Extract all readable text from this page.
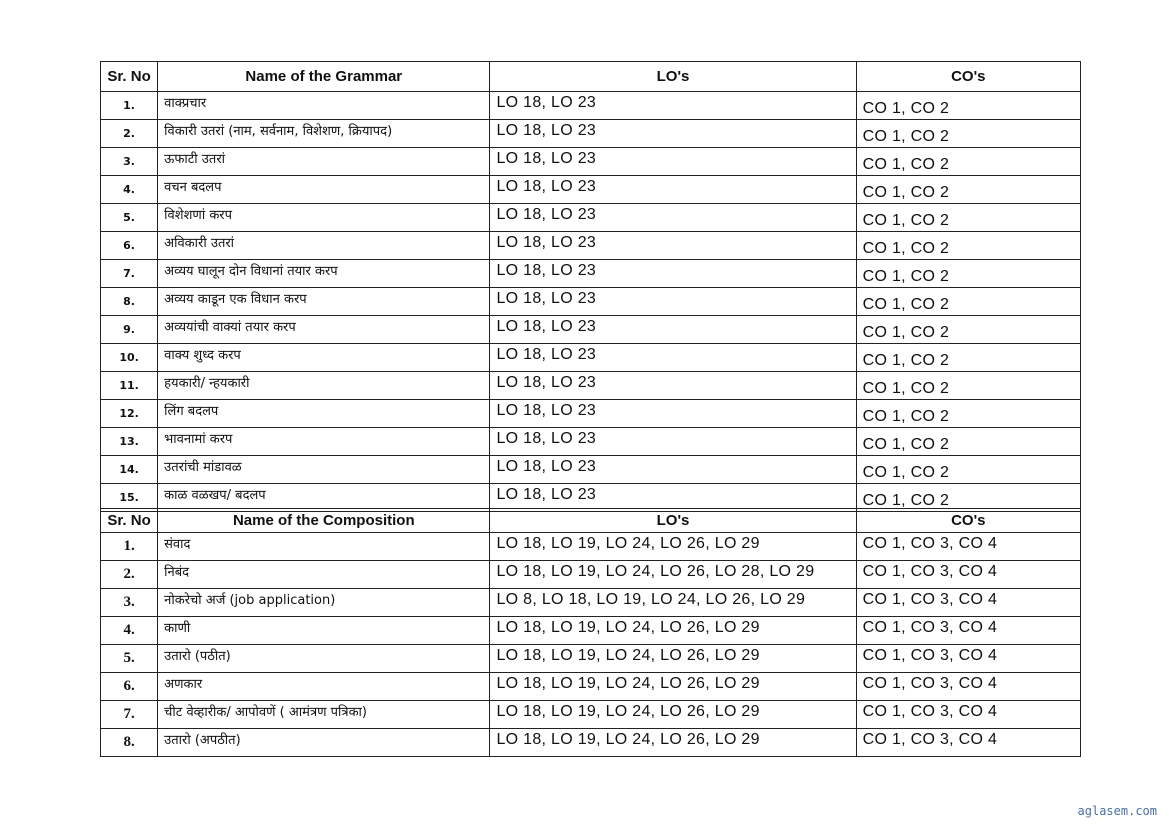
Sr. No	Name of the Grammar	LO's	CO's
1.	वाक्प्रचार	LO 18, LO 23	CO 1, CO 2
2.	विकारी उतरां (नाम, सर्वनाम, विशेशण, क्रियापद)	LO 18, LO 23	CO 1, CO 2
3.	ऊफाटी उतरां	LO 18, LO 23	CO 1, CO 2
4.	वचन बदलप	LO 18, LO 23	CO 1, CO 2
5.	विशेशणां करप	LO 18, LO 23	CO 1, CO 2
6.	अविकारी उतरां	LO 18, LO 23	CO 1, CO 2
7.	अव्यय घालून दोन विधानां तयार करप	LO 18, LO 23	CO 1, CO 2
8.	अव्यय काडून एक विधान करप	LO 18, LO 23	CO 1, CO 2
9.	अव्ययांची वाक्यां तयार करप	LO 18, LO 23	CO 1, CO 2
10.	वाक्य शुध्द करप	LO 18, LO 23	CO 1, CO 2
11.	हयकारी/ न्हयकारी	LO 18, LO 23	CO 1, CO 2
12.	लिंग बदलप	LO 18, LO 23	CO 1, CO 2
13.	भावनामां करप	LO 18, LO 23	CO 1, CO 2
14.	उतरांची मांडावळ	LO 18, LO 23	CO 1, CO 2
15.	काळ वळखप/ बदलप	LO 18, LO 23	CO 1, CO 2
Sr. No	Name of the Composition	LO's	CO's
1.	संवाद	LO 18, LO 19, LO 24, LO 26, LO 29	CO 1, CO 3, CO 4
2.	निबंद	LO 18, LO 19, LO 24, LO 26, LO 28, LO 29	CO 1, CO 3, CO 4
3.	नोकरेचो अर्ज (job application)	LO 8, LO 18, LO 19, LO 24, LO 26, LO 29	CO 1, CO 3, CO 4
4.	काणी	LO 18, LO 19, LO 24, LO 26, LO 29	CO 1, CO 3, CO 4
5.	उतारो (पठीत)	LO 18, LO 19, LO 24, LO 26, LO 29	CO 1, CO 3, CO 4
6.	अणकार	LO 18, LO 19, LO 24, LO 26, LO 29	CO 1, CO 3, CO 4
7.	चीट वेव्हारीक/ आपोवणें ( आमंत्रण पत्रिका)	LO 18, LO 19, LO 24, LO 26, LO 29	CO 1, CO 3, CO 4
8.	उतारो (अपठीत)	LO 18, LO 19, LO 24, LO 26, LO 29	CO 1, CO 3, CO 4
aglasem.com
